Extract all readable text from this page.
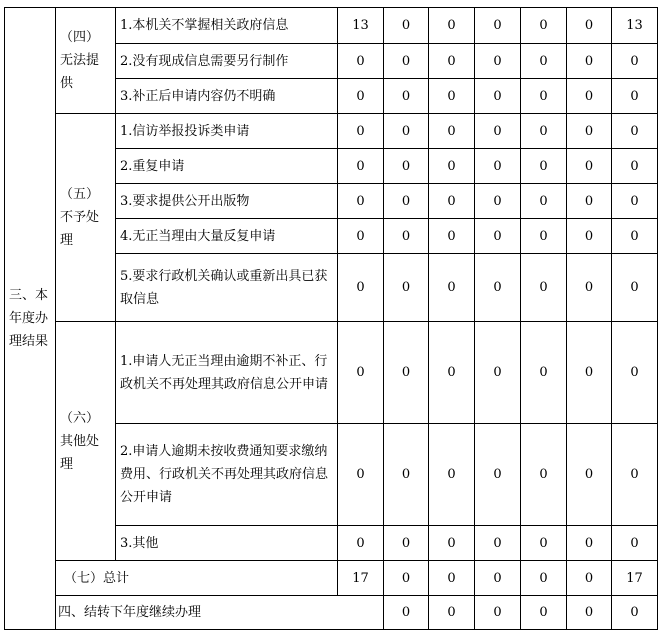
三、本年度办理结果	（四）无法提供	1.本机关不掌握相关政府信息	13	0	0	0	0	0	13	
		2.没有现成信息需要另行制作	0	0	0	0	0	0	0	
		3.补正后申请内容仍不明确	0	0	0	0	0	0	0	
	（五）不予处理	1.信访举报投诉类申请	0	0	0	0	0	0	0	
		2.重复申请	0	0	0	0	0	0	0	
		3.要求提供公开出版物	0	0	0	0	0	0	0	
		4.无正当理由大量反复申请	0	0	0	0	0	0	0	
		5.要求行政机关确认或重新出具已获取信息	0	0	0	0	0	0	0	
	（六）其他处理	1.申请人无正当理由逾期不补正、行政机关不再处理其政府信息公开申请	0	0	0	0	0	0	0	
		2.申请人逾期未按收费通知要求缴纳费用、行政机关不再处理其政府信息公开申请	0	0	0	0	0	0	0	
		3.其他	0	0	0	0	0	0	0	
	（七）总计		17	0	0	0	0	0	17	
	四、结转下年度继续办理			0	0	0	0	0	0	
